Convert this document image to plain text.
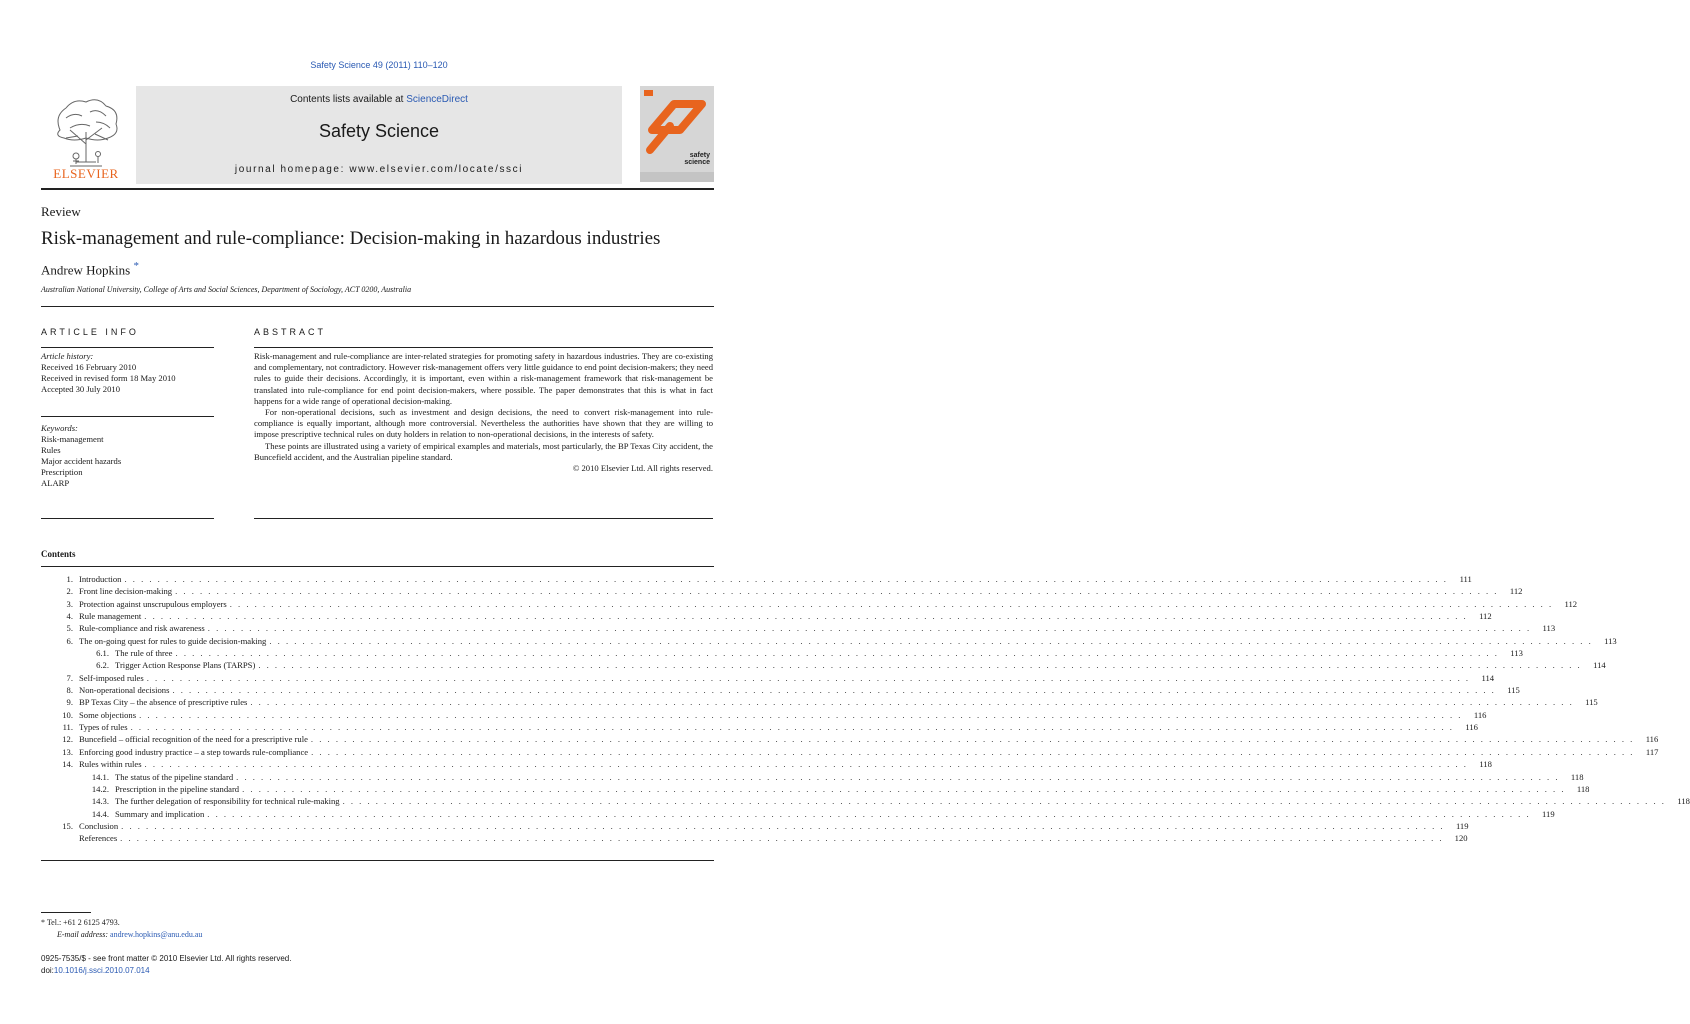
Safety Science 49 (2011) 110–120
ELSEVIER
Contents lists available at ScienceDirect
Safety Science
journal homepage: www.elsevier.com/locate/ssci
safety
science
Review
Risk-management and rule-compliance: Decision-making in hazardous industries
Andrew Hopkins *
Australian National University, College of Arts and Social Sciences, Department of Sociology, ACT 0200, Australia
ARTICLE INFO
Article history:
Received 16 February 2010
Received in revised form 18 May 2010
Accepted 30 July 2010
Keywords:
Risk-management
Rules
Major accident hazards
Prescription
ALARP
ABSTRACT

Risk-management and rule-compliance are inter-related strategies for promoting safety in hazardous industries. They are co-existing and complementary, not contradictory. However risk-management offers very little guidance to end point decision-makers; they need rules to guide their decisions. Accordingly, it is important, even within a risk-management framework that risk-management be translated into rule-compliance for end point decision-makers, where possible. The paper demonstrates that this is what in fact happens for a wide range of operational decision-making.

For non-operational decisions, such as investment and design decisions, the need to convert risk-management into rule-compliance is equally important, although more controversial. Nevertheless the authorities have shown that they are willing to impose prescriptive technical rules on duty holders in relation to non-operational decisions, in the interests of safety.

These points are illustrated using a variety of empirical examples and materials, most particularly, the BP Texas City accident, the Buncefield accident, and the Australian pipeline standard.

© 2010 Elsevier Ltd. All rights reserved.
Contents
1. Introduction . . . . . . . . . . . . . . . . . . . . . . . . . . . . . . . . . . . . . . . . . . . . . . . . . . . . . . . . . . . . . . . . . . . . . . . . . . . . . . . . . . . . . . . . . . . . . . . . . . . . . . . . . . . . . . . . . . . . . . . . . . . . . . . . . . . . . . . . . . . . . . . . . . . . . . . . . . . . . . . .	111
2. Front line decision-making . . . . . . . . . . . . . . . . . . . . . . . . . . . . . . . . . . . . . . . . . . . . . . . . . . . . . . . . . . . . . . . . . . . . . . . . . . . . . . . . . . . . . . . . . . . . . . . . . . . . . . . . . . . . . . . . . . . . . . . . . . . . . . . . . . . . . . . . . . . . . . . . . . . . . . . . . . . . . . . .	112
3. Protection against unscrupulous employers . . . . . . . . . . . . . . . . . . . . . . . . . . . . . . . . . . . . . . . . . . . . . . . . . . . . . . . . . . . . . . . . . . . . . . . . . . . . . . . . . . . . . . . . . . . . . . . . . . . . . . . . . . . . . . . . . . . . . . . . . . . . . . . . . . . . . . . . . . . . . . . . . . . . . . . . . . . . . . . .	112
4. Rule management . . . . . . . . . . . . . . . . . . . . . . . . . . . . . . . . . . . . . . . . . . . . . . . . . . . . . . . . . . . . . . . . . . . . . . . . . . . . . . . . . . . . . . . . . . . . . . . . . . . . . . . . . . . . . . . . . . . . . . . . . . . . . . . . . . . . . . . . . . . . . . . . . . . . . . . . . . . . . . . .	112
5. Rule-compliance and risk awareness . . . . . . . . . . . . . . . . . . . . . . . . . . . . . . . . . . . . . . . . . . . . . . . . . . . . . . . . . . . . . . . . . . . . . . . . . . . . . . . . . . . . . . . . . . . . . . . . . . . . . . . . . . . . . . . . . . . . . . . . . . . . . . . . . . . . . . . . . . . . . . . . . . . . . . . . . . . . . . . .	113
6. The on-going quest for rules to guide decision-making . . . . . . . . . . . . . . . . . . . . . . . . . . . . . . . . . . . . . . . . . . . . . . . . . . . . . . . . . . . . . . . . . . . . . . . . . . . . . . . . . . . . . . . . . . . . . . . . . . . . . . . . . . . . . . . . . . . . . . . . . . . . . . . . . . . . . . . . . . . . . . . . . . . . . . . . . . . . . . . .	113
6.1. The rule of three . . . . . . . . . . . . . . . . . . . . . . . . . . . . . . . . . . . . . . . . . . . . . . . . . . . . . . . . . . . . . . . . . . . . . . . . . . . . . . . . . . . . . . . . . . . . . . . . . . . . . . . . . . . . . . . . . . . . . . . . . . . . . . . . . . . . . . . . . . . . . . . . . . . . . . . . . . . . . . . .	113
6.2. Trigger Action Response Plans (TARPS) . . . . . . . . . . . . . . . . . . . . . . . . . . . . . . . . . . . . . . . . . . . . . . . . . . . . . . . . . . . . . . . . . . . . . . . . . . . . . . . . . . . . . . . . . . . . . . . . . . . . . . . . . . . . . . . . . . . . . . . . . . . . . . . . . . . . . . . . . . . . . . . . . . . . . . . . . . . . . . . .	114
7. Self-imposed rules . . . . . . . . . . . . . . . . . . . . . . . . . . . . . . . . . . . . . . . . . . . . . . . . . . . . . . . . . . . . . . . . . . . . . . . . . . . . . . . . . . . . . . . . . . . . . . . . . . . . . . . . . . . . . . . . . . . . . . . . . . . . . . . . . . . . . . . . . . . . . . . . . . . . . . . . . . . . . . . .	114
8. Non-operational decisions . . . . . . . . . . . . . . . . . . . . . . . . . . . . . . . . . . . . . . . . . . . . . . . . . . . . . . . . . . . . . . . . . . . . . . . . . . . . . . . . . . . . . . . . . . . . . . . . . . . . . . . . . . . . . . . . . . . . . . . . . . . . . . . . . . . . . . . . . . . . . . . . . . . . . . . . . . . . . . . .	115
9. BP Texas City – the absence of prescriptive rules . . . . . . . . . . . . . . . . . . . . . . . . . . . . . . . . . . . . . . . . . . . . . . . . . . . . . . . . . . . . . . . . . . . . . . . . . . . . . . . . . . . . . . . . . . . . . . . . . . . . . . . . . . . . . . . . . . . . . . . . . . . . . . . . . . . . . . . . . . . . . . . . . . . . . . . . . . . . . . . .	115
10. Some objections . . . . . . . . . . . . . . . . . . . . . . . . . . . . . . . . . . . . . . . . . . . . . . . . . . . . . . . . . . . . . . . . . . . . . . . . . . . . . . . . . . . . . . . . . . . . . . . . . . . . . . . . . . . . . . . . . . . . . . . . . . . . . . . . . . . . . . . . . . . . . . . . . . . . . . . . . . . . . . . .	116
11. Types of rules . . . . . . . . . . . . . . . . . . . . . . . . . . . . . . . . . . . . . . . . . . . . . . . . . . . . . . . . . . . . . . . . . . . . . . . . . . . . . . . . . . . . . . . . . . . . . . . . . . . . . . . . . . . . . . . . . . . . . . . . . . . . . . . . . . . . . . . . . . . . . . . . . . . . . . . . . . . . . . . .	116
12. Buncefield – official recognition of the need for a prescriptive rule . . . . . . . . . . . . . . . . . . . . . . . . . . . . . . . . . . . . . . . . . . . . . . . . . . . . . . . . . . . . . . . . . . . . . . . . . . . . . . . . . . . . . . . . . . . . . . . . . . . . . . . . . . . . . . . . . . . . . . . . . . . . . . . . . . . . . . . . . . . . . . . . . . . . . . . . . . . . . . . .	116
13. Enforcing good industry practice – a step towards rule-compliance . . . . . . . . . . . . . . . . . . . . . . . . . . . . . . . . . . . . . . . . . . . . . . . . . . . . . . . . . . . . . . . . . . . . . . . . . . . . . . . . . . . . . . . . . . . . . . . . . . . . . . . . . . . . . . . . . . . . . . . . . . . . . . . . . . . . . . . . . . . . . . . . . . . . . . . . . . . . . . . .	117
14. Rules within rules . . . . . . . . . . . . . . . . . . . . . . . . . . . . . . . . . . . . . . . . . . . . . . . . . . . . . . . . . . . . . . . . . . . . . . . . . . . . . . . . . . . . . . . . . . . . . . . . . . . . . . . . . . . . . . . . . . . . . . . . . . . . . . . . . . . . . . . . . . . . . . . . . . . . . . . . . . . . . . . .	118
14.1. The status of the pipeline standard . . . . . . . . . . . . . . . . . . . . . . . . . . . . . . . . . . . . . . . . . . . . . . . . . . . . . . . . . . . . . . . . . . . . . . . . . . . . . . . . . . . . . . . . . . . . . . . . . . . . . . . . . . . . . . . . . . . . . . . . . . . . . . . . . . . . . . . . . . . . . . . . . . . . . . . . . . . . . . . .	118
14.2. Prescription in the pipeline standard . . . . . . . . . . . . . . . . . . . . . . . . . . . . . . . . . . . . . . . . . . . . . . . . . . . . . . . . . . . . . . . . . . . . . . . . . . . . . . . . . . . . . . . . . . . . . . . . . . . . . . . . . . . . . . . . . . . . . . . . . . . . . . . . . . . . . . . . . . . . . . . . . . . . . . . . . . . . . . . .	118
14.3. The further delegation of responsibility for technical rule-making . . . . . . . . . . . . . . . . . . . . . . . . . . . . . . . . . . . . . . . . . . . . . . . . . . . . . . . . . . . . . . . . . . . . . . . . . . . . . . . . . . . . . . . . . . . . . . . . . . . . . . . . . . . . . . . . . . . . . . . . . . . . . . . . . . . . . . . . . . . . . . . . . . . . . . . . . . . . . . . .	118
14.4. Summary and implication . . . . . . . . . . . . . . . . . . . . . . . . . . . . . . . . . . . . . . . . . . . . . . . . . . . . . . . . . . . . . . . . . . . . . . . . . . . . . . . . . . . . . . . . . . . . . . . . . . . . . . . . . . . . . . . . . . . . . . . . . . . . . . . . . . . . . . . . . . . . . . . . . . . . . . . . . . . . . . . .	119
15. Conclusion . . . . . . . . . . . . . . . . . . . . . . . . . . . . . . . . . . . . . . . . . . . . . . . . . . . . . . . . . . . . . . . . . . . . . . . . . . . . . . . . . . . . . . . . . . . . . . . . . . . . . . . . . . . . . . . . . . . . . . . . . . . . . . . . . . . . . . . . . . . . . . . . . . . . . . . . . . . . . . . .	119
References . . . . . . . . . . . . . . . . . . . . . . . . . . . . . . . . . . . . . . . . . . . . . . . . . . . . . . . . . . . . . . . . . . . . . . . . . . . . . . . . . . . . . . . . . . . . . . . . . . . . . . . . . . . . . . . . . . . . . . . . . . . . . . . . . . . . . . . . . . . . . . . . . . . . . . . . . . . . . . . .	120
* Tel.: +61 2 6125 4793.
E-mail address: andrew.hopkins@anu.edu.au
0925-7535/$ - see front matter © 2010 Elsevier Ltd. All rights reserved.
doi:10.1016/j.ssci.2010.07.014
